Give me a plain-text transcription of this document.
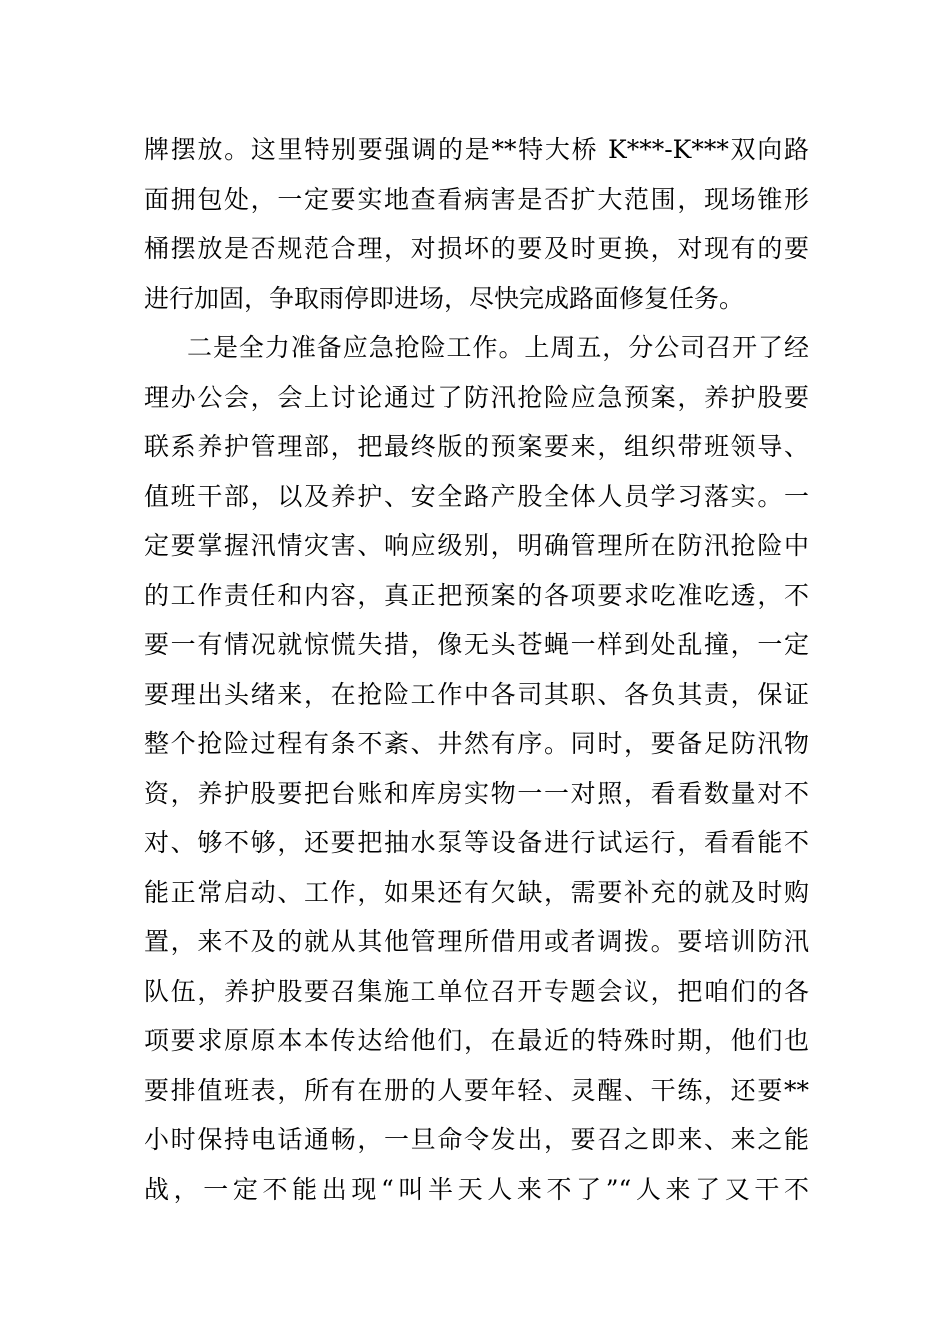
牌摆放。这里特别要强调的是**特大桥 K***-K***双向路
面拥包处，一定要实地查看病害是否扩大范围，现场锥形
桶摆放是否规范合理，对损坏的要及时更换，对现有的要
进行加固，争取雨停即进场，尽快完成路面修复任务。
二是全力准备应急抢险工作。上周五，分公司召开了经
理办公会，会上讨论通过了防汛抢险应急预案，养护股要
联系养护管理部，把最终版的预案要来，组织带班领导、
值班干部，以及养护、安全路产股全体人员学习落实。一
定要掌握汛情灾害、响应级别，明确管理所在防汛抢险中
的工作责任和内容，真正把预案的各项要求吃准吃透，不
要一有情况就惊慌失措，像无头苍蝇一样到处乱撞，一定
要理出头绪来，在抢险工作中各司其职、各负其责，保证
整个抢险过程有条不紊、井然有序。同时，要备足防汛物
资，养护股要把台账和库房实物一一对照，看看数量对不
对、够不够，还要把抽水泵等设备进行试运行，看看能不
能正常启动、工作，如果还有欠缺，需要补充的就及时购
置，来不及的就从其他管理所借用或者调拨。要培训防汛
队伍，养护股要召集施工单位召开专题会议，把咱们的各
项要求原原本本传达给他们，在最近的特殊时期，他们也
要排值班表，所有在册的人要年轻、灵醒、干练，还要**
小时保持电话通畅，一旦命令发出，要召之即来、来之能
战，一定不能出现“叫半天人来不了”“人来了又干不
